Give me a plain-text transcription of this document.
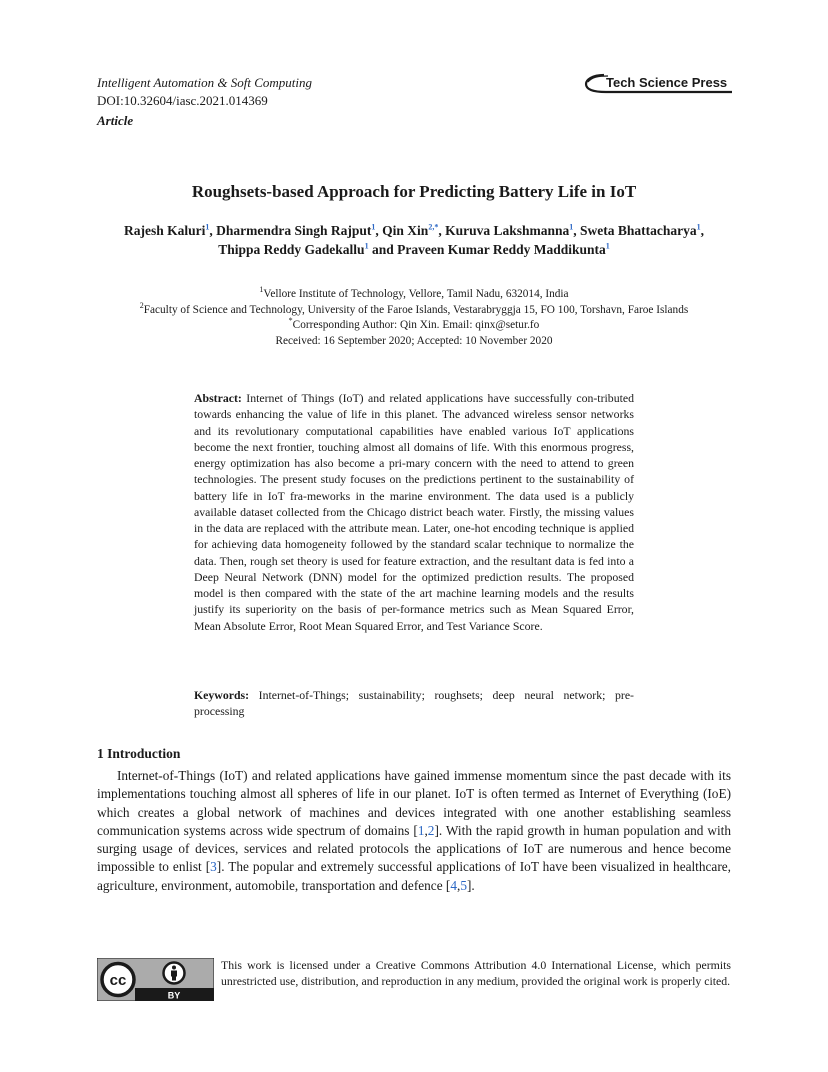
Intelligent Automation & Soft Computing
DOI:10.32604/iasc.2021.014369
Article
Tech Science Press
Roughsets-based Approach for Predicting Battery Life in IoT
Rajesh Kaluri$^1$, Dharmendra Singh Rajput$^1$, Qin Xin$^{2,*}$, Kuruva Lakshmanna$^1$, Sweta Bhattacharya$^1$,
Thippa Reddy Gadekallu$^1$ and Praveen Kumar Reddy Maddikunta$^1$
$^1$Vellore Institute of Technology, Vellore, Tamil Nadu, 632014, India
$^2$Faculty of Science and Technology, University of the Faroe Islands, Vestarabryggja 15, FO 100, Torshavn, Faroe Islands
*Corresponding Author: Qin Xin. Email: qinx@setur.fo
Received: 16 September 2020; Accepted: 10 November 2020
Abstract: Internet of Things (IoT) and related applications have successfully con-tributed towards enhancing the value of life in this planet. The advanced wireless sensor networks and its revolutionary computational capabilities have enabled various IoT applications become the next frontier, touching almost all domains of life. With this enormous progress, energy optimization has also become a pri-mary concern with the need to attend to green technologies. The present study focuses on the predictions pertinent to the sustainability of battery life in IoT fra-meworks in the marine environment. The data used is a publicly available dataset collected from the Chicago district beach water. Firstly, the missing values in the data are replaced with the attribute mean. Later, one-hot encoding technique is applied for achieving data homogeneity followed by the standard scalar technique to normalize the data. Then, rough set theory is used for feature extraction, and the resultant data is fed into a Deep Neural Network (DNN) model for the optimized prediction results. The proposed model is then compared with the state of the art machine learning models and the results justify its superiority on the basis of per-formance metrics such as Mean Squared Error, Mean Absolute Error, Root Mean Squared Error, and Test Variance Score.
Keywords: Internet-of-Things; sustainability; roughsets; deep neural network; pre-processing
1 Introduction
  Internet-of-Things (IoT) and related applications have gained immense momentum since the past decade with its implementations touching almost all spheres of life in our planet. IoT is often termed as Internet of Everything (IoE) which creates a global network of machines and devices integrated with one another establishing seamless communication systems across wide spectrum of domains [1,2]. With the rapid growth in human population and with surging usage of devices, services and related protocols the applications of IoT are numerous and hence become impossible to enlist [3]. The popular and extremely successful applications of IoT have been visualized in healthcare, agriculture, environment, automobile, transportation and defence [4,5].
cc
BY
This work is licensed under a Creative Commons Attribution 4.0 International License, which permits unrestricted use, distribution, and reproduction in any medium, provided the original work is properly cited.
